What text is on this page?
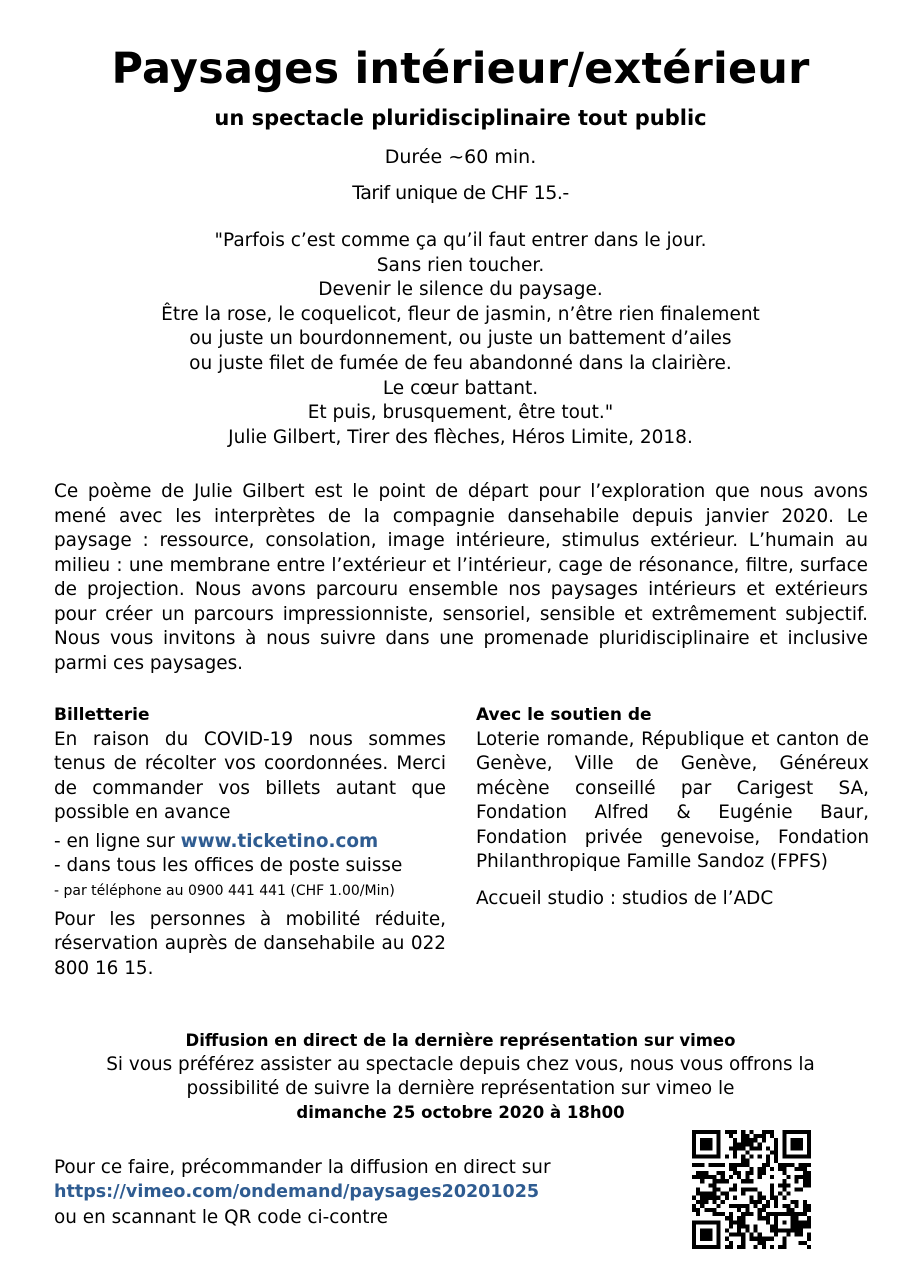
Paysages intérieur/extérieur
un spectacle pluridisciplinaire tout public
Durée ~60 min.
Tarif unique de CHF 15.-
"Parfois c’est comme ça qu’il faut entrer dans le jour.
Sans rien toucher.
Devenir le silence du paysage.
Être la rose, le coquelicot, fleur de jasmin, n’être rien finalement
ou juste un bourdonnement, ou juste un battement d’ailes
ou juste filet de fumée de feu abandonné dans la clairière.
Le cœur battant.
Et puis, brusquement, être tout."
Julie Gilbert, Tirer des flèches, Héros Limite, 2018.

Ce poème de Julie Gilbert est le point de départ pour l’exploration que nous avons mené avec les interprètes de la compagnie dansehabile depuis janvier 2020. Le paysage : ressource, consolation, image intérieure, stimulus extérieur. L’humain au milieu : une membrane entre l’extérieur et l’intérieur, cage de résonance, filtre, surface de projection. Nous avons parcouru ensemble nos paysages intérieurs et extérieurs pour créer un parcours impressionniste, sensoriel, sensible et extrêmement subjectif. Nous vous invitons à nous suivre dans une promenade pluridisciplinaire et inclusive parmi ces paysages.

Billetterie
En raison du COVID-19 nous sommes tenus de récolter vos coordonnées. Merci de commander vos billets autant que possible en avance
- en ligne sur www.ticketino.com
- dans tous les offices de poste suisse
- par téléphone au 0900 441 441 (CHF 1.00/Min)
Pour les personnes à mobilité réduite, réservation auprès de dansehabile au 022 800 16 15.
Avec le soutien de
Loterie romande, République et canton de Genève, Ville de Genève, Généreux mécène conseillé par Carigest SA, Fondation Alfred & Eugénie Baur, Fondation privée genevoise, Fondation Philanthropique Famille Sandoz (FPFS)
Accueil studio : studios de l’ADC
Diffusion en direct de la dernière représentation sur vimeo
Si vous préférez assister au spectacle depuis chez vous, nous vous offrons la
possibilité de suivre la dernière représentation sur vimeo le
dimanche 25 octobre 2020 à 18h00
Pour ce faire, précommander la diffusion en direct sur
https://vimeo.com/ondemand/paysages20201025
ou en scannant le QR code ci-contre
